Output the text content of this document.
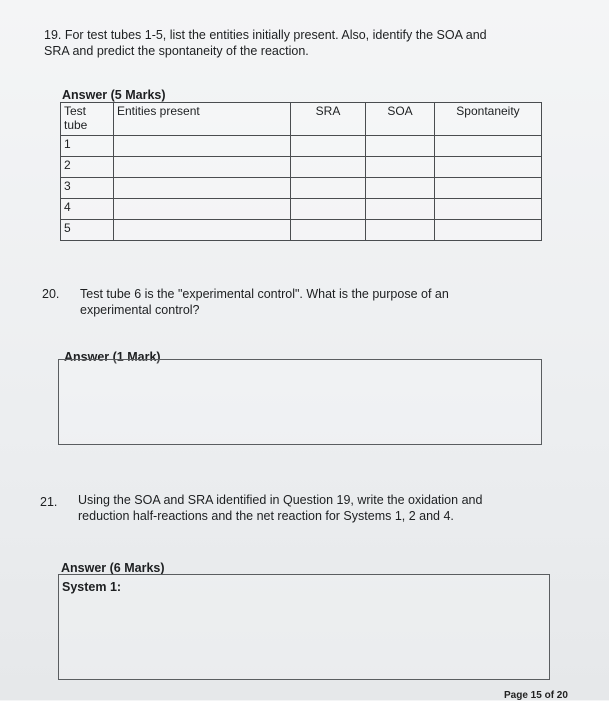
19. For test tubes 1-5, list the entities initially present. Also, identify the SOA and SRA and predict the spontaneity of the reaction.
Answer (5 Marks)
Test tube	Entities present	SRA	SOA	Spontaneity
1				
2				
3				
4				
5				
20. Test tube 6 is the "experimental control". What is the purpose of an experimental control?
Answer (1 Mark)
21. Using the SOA and SRA identified in Question 19, write the oxidation and reduction half-reactions and the net reaction for Systems 1, 2 and 4.
Answer (6 Marks)
System 1:
Page 15 of 20
